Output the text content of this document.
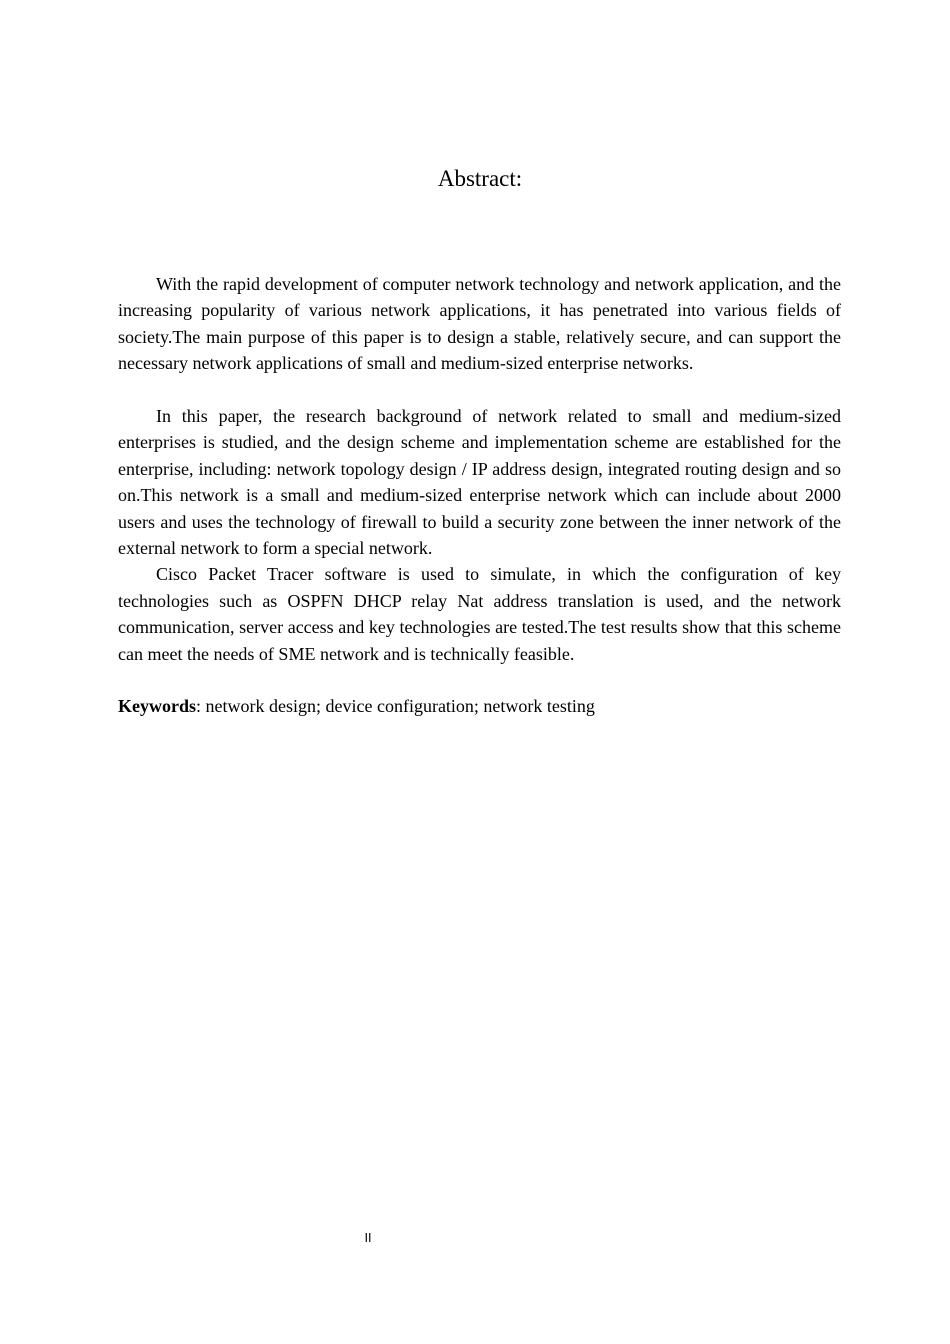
Abstract:

With the rapid development of computer network technology and network application, and the increasing popularity of various network applications, it has penetrated into various fields of society.The main purpose of this paper is to design a stable, relatively secure, and can support the necessary network applications of small and medium-sized enterprise networks.

In this paper, the research background of network related to small and medium-sized enterprises is studied, and the design scheme and implementation scheme are established for the enterprise, including: network topology design / IP address design, integrated routing design and so on.This network is a small and medium-sized enterprise network which can include about 2000 users and uses the technology of firewall to build a security zone between the inner network of the external network to form a special network.

Cisco Packet Tracer software is used to simulate, in which the configuration of key technologies such as OSPFN DHCP relay Nat address translation is used, and the network communication, server access and key technologies are tested.The test results show that this scheme can meet the needs of SME network and is technically feasible.

Keywords: network design; device configuration; network testing

II
